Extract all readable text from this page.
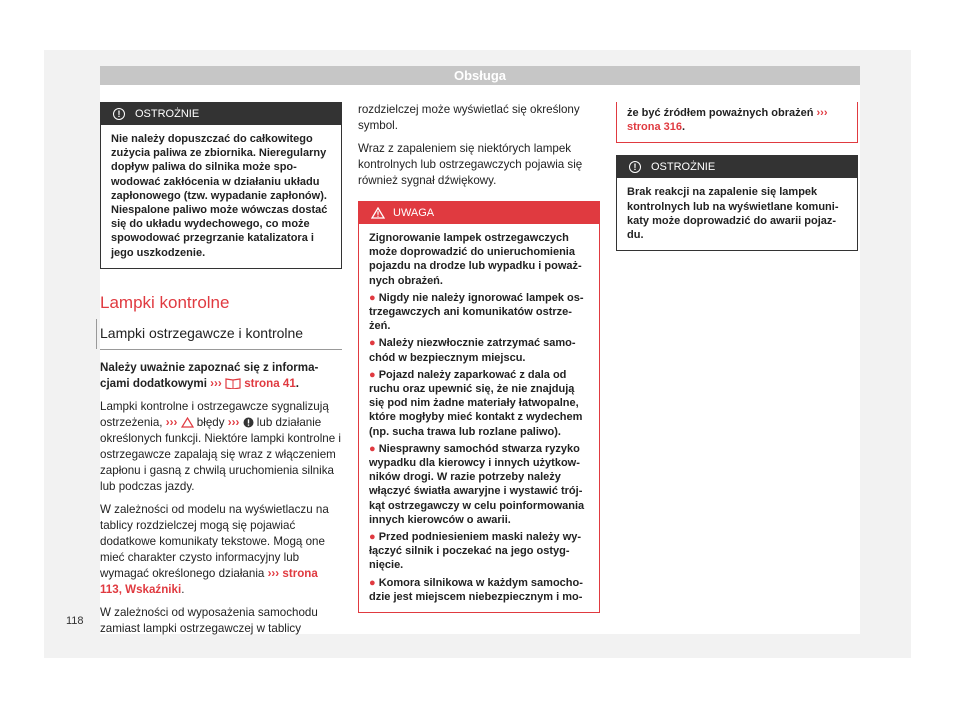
Obsługa
118
!	OSTROŻNIE
Nie należy dopuszczać do całkowitego zużycia paliwa ze zbiornika. Nieregularny dopływ paliwa do silnika może spowodować zakłócenia w działaniu układu zapłonowego (tzw. wypadanie zapłonów). Niespalone paliwo może wówczas dostać się do układu wydechowego, co może spowodować przegrzanie katalizatora i jego uszkodzenie.
Lampki kontrolne
Lampki ostrzegawcze i kontrolne

Należy uważnie zapoznać się z informacjami dodatkowymi ››› strona 41.

Lampki kontrolne i ostrzegawcze sygnalizują ostrzeżenia, ›››  błędy ›››  lub działanie określonych funkcji. Niektóre lampki kontrolne i ostrzegawcze zapalają się wraz z włączeniem zapłonu i gasną z chwilą uruchomienia silnika lub podczas jazdy.

W zależności od modelu na wyświetlaczu na tablicy rozdzielczej mogą się pojawiać dodatkowe komunikaty tekstowe. Mogą one mieć charakter czysto informacyjny lub wymagać określonego działania ››› strona 113, Wskaźniki.

W zależności od wyposażenia samochodu zamiast lampki ostrzegawczej w tablicy

rozdzielczej może wyświetlać się określony symbol.

Wraz z zapaleniem się niektórych lampek kontrolnych lub ostrzegawczych pojawia się również sygnał dźwiękowy.

UWAGA
Zignorowanie lampek ostrzegawczych może doprowadzić do unieruchomienia pojazdu na drodze lub wypadku i poważnych obrażeń.
● Nigdy nie należy ignorować lampek ostrzegawczych ani komunikatów ostrzeżeń.
● Należy niezwłocznie zatrzymać samochód w bezpiecznym miejscu.
● Pojazd należy zaparkować z dala od ruchu oraz upewnić się, że nie znajdują się pod nim żadne materiały łatwopalne, które mogłyby mieć kontakt z wydechem (np. sucha trawa lub rozlane paliwo).
● Niesprawny samochód stwarza ryzyko wypadku dla kierowcy i innych użytkowników drogi. W razie potrzeby należy włączyć światła awaryjne i wystawić trójkąt ostrzegawczy w celu poinformowania innych kierowców o awarii.
● Przed podniesieniem maski należy wyłączyć silnik i poczekać na jego ostygnięcie.
● Komora silnikowa w każdym samochodzie jest miejscem niebezpiecznym i mo-
że być źródłem poważnych obrażeń ››› strona 316.
!	OSTROŻNIE
Brak reakcji na zapalenie się lampek kontrolnych lub na wyświetlane komunikaty może doprowadzić do awarii pojazdu.
